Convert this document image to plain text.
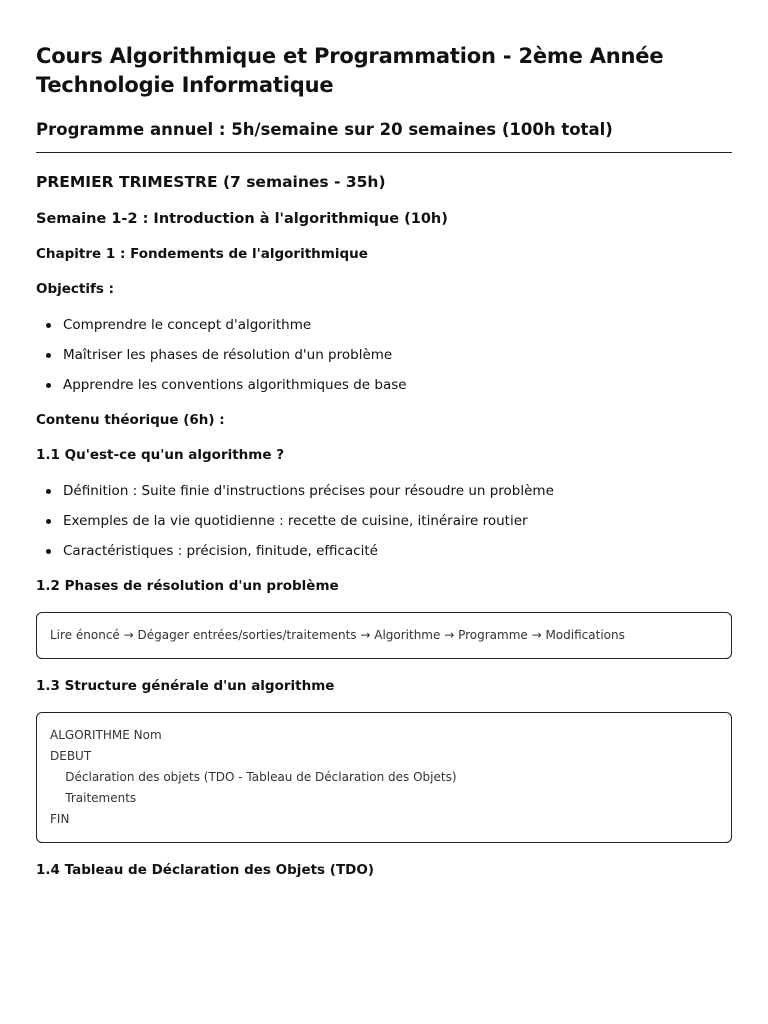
Cours Algorithmique et Programmation - 2ème Année
Technologie Informatique
Programme annuel : 5h/semaine sur 20 semaines (100h total)
PREMIER TRIMESTRE (7 semaines - 35h)
Semaine 1-2 : Introduction à l'algorithmique (10h)
Chapitre 1 : Fondements de l'algorithmique
Objectifs :
Comprendre le concept d'algorithme
Maîtriser les phases de résolution d'un problème
Apprendre les conventions algorithmiques de base
Contenu théorique (6h) :
1.1 Qu'est-ce qu'un algorithme ?
Définition : Suite finie d'instructions précises pour résoudre un problème
Exemples de la vie quotidienne : recette de cuisine, itinéraire routier
Caractéristiques : précision, finitude, efficacité
1.2 Phases de résolution d'un problème
Lire énoncé → Dégager entrées/sorties/traitements → Algorithme → Programme → Modifications
1.3 Structure générale d'un algorithme
ALGORITHME Nom
DEBUT
Déclaration des objets (TDO - Tableau de Déclaration des Objets)
Traitements
FIN
1.4 Tableau de Déclaration des Objets (TDO)
